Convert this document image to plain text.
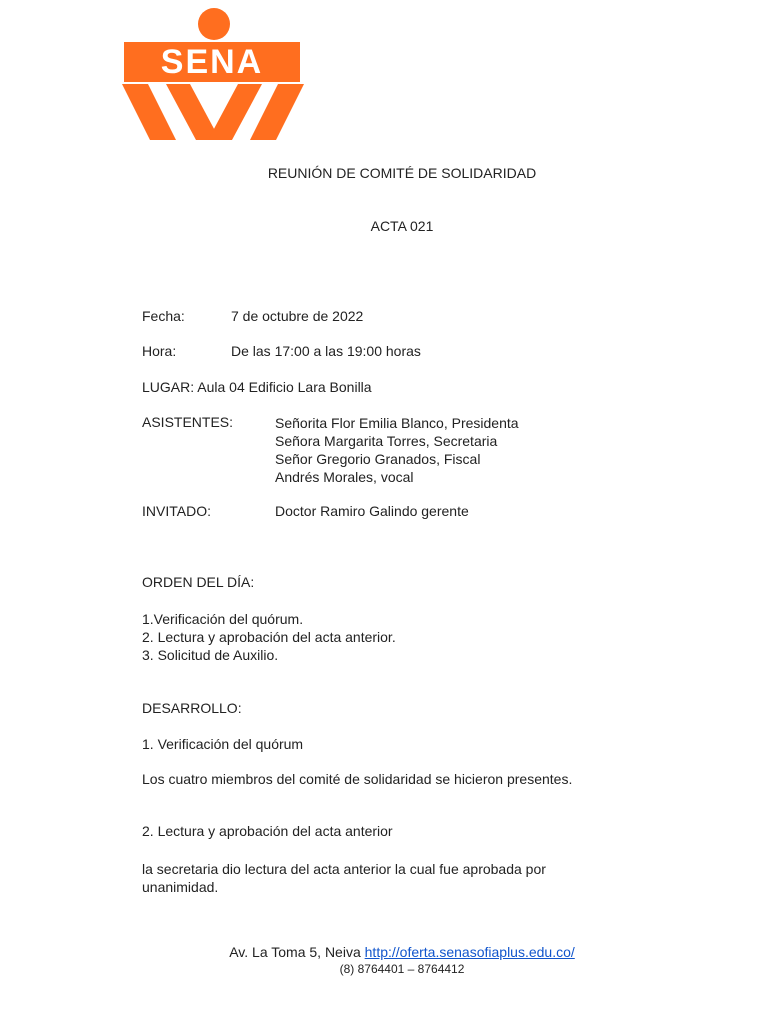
SENA
REUNIÓN DE COMITÉ DE SOLIDARIDAD
ACTA 021
Fecha:	7 de octubre de 2022
Hora:	De las 17:00 a las 19:00 horas
LUGAR: Aula 04 Edificio Lara Bonilla
ASISTENTES:	Señorita Flor Emilia Blanco, Presidenta
Señora Margarita Torres, Secretaria
Señor Gregorio Granados, Fiscal
Andrés Morales, vocal
INVITADO:	Doctor Ramiro Galindo gerente
ORDEN DEL DÍA:
1.Verificación del quórum.
2. Lectura y aprobación del acta anterior.
3. Solicitud de Auxilio.
DESARROLLO:
1. Verificación del quórum
Los cuatro miembros del comité de solidaridad se hicieron presentes.
2. Lectura y aprobación del acta anterior
la secretaria dio lectura del acta anterior la cual fue aprobada por
unanimidad.
Av. La Toma 5, Neiva http://oferta.senasofiaplus.edu.co/
(8) 8764401 – 8764412
